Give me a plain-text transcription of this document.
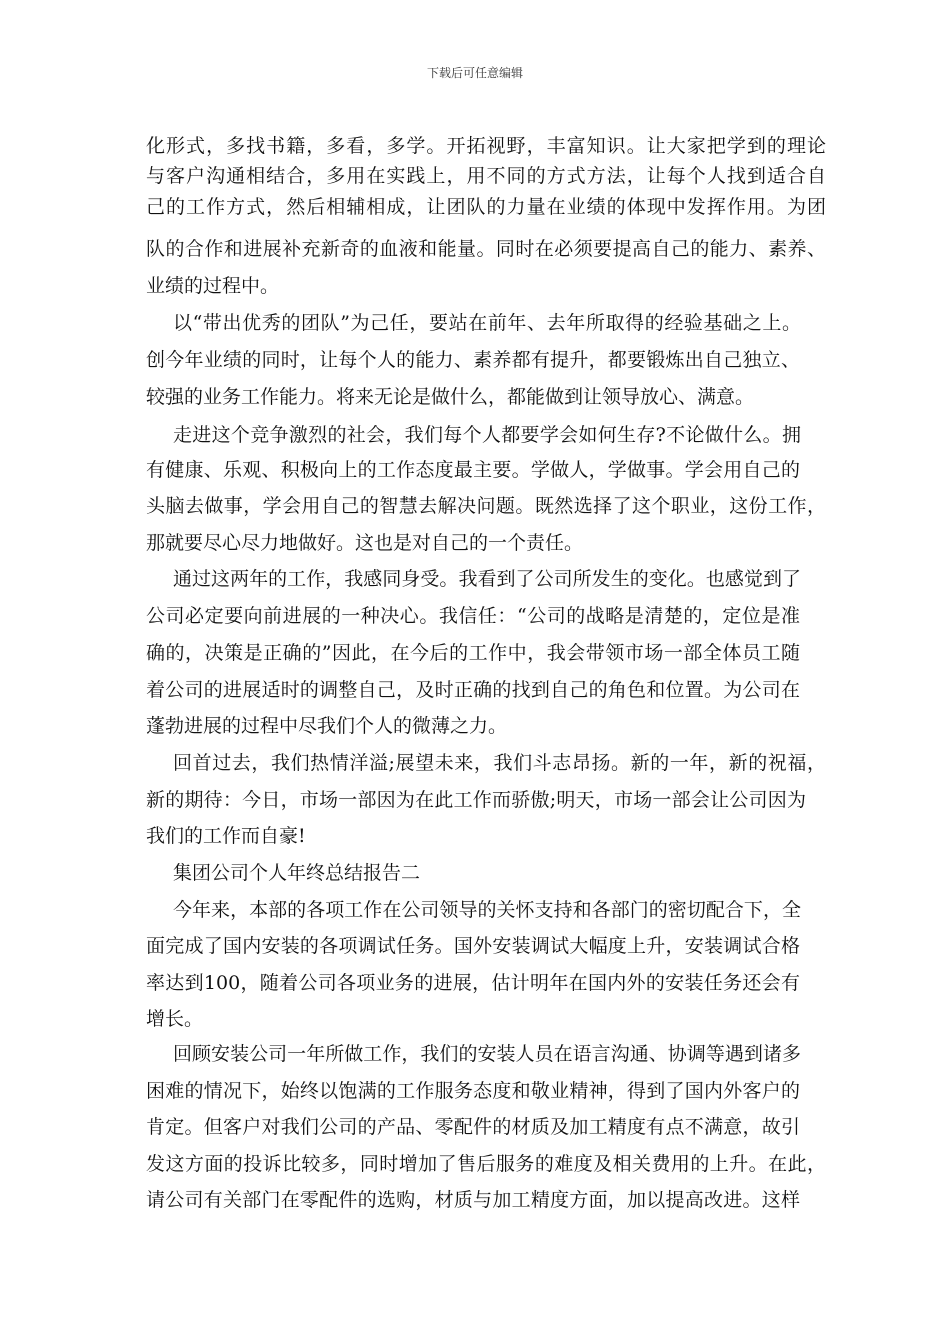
下载后可任意编辑
化形式，多找书籍，多看，多学。开拓视野，丰富知识。让大家把学到的理论
与客户沟通相结合，多用在实践上，用不同的方式方法，让每个人找到适合自
己的工作方式，然后相辅相成，让团队的力量在业绩的体现中发挥作用。为团
队的合作和进展补充新奇的血液和能量。同时在必须要提高自己的能力、素养、
业绩的过程中。
以“带出优秀的团队”为己任，要站在前年、去年所取得的经验基础之上。
创今年业绩的同时，让每个人的能力、素养都有提升，都要锻炼出自己独立、
较强的业务工作能力。将来无论是做什么，都能做到让领导放心、满意。
走进这个竞争激烈的社会，我们每个人都要学会如何生存?不论做什么。拥
有健康、乐观、积极向上的工作态度最主要。学做人，学做事。学会用自己的
头脑去做事，学会用自己的智慧去解决问题。既然选择了这个职业，这份工作，
那就要尽心尽力地做好。这也是对自己的一个责任。
通过这两年的工作，我感同身受。我看到了公司所发生的变化。也感觉到了
公司必定要向前进展的一种决心。我信任：“公司的战略是清楚的，定位是准
确的，决策是正确的”因此，在今后的工作中，我会带领市场一部全体员工随
着公司的进展适时的调整自己，及时正确的找到自己的角色和位置。为公司在
蓬勃进展的过程中尽我们个人的微薄之力。
回首过去，我们热情洋溢;展望未来，我们斗志昂扬。新的一年，新的祝福，
新的期待：今日，市场一部因为在此工作而骄傲;明天，市场一部会让公司因为
我们的工作而自豪!
集团公司个人年终总结报告二
今年来，本部的各项工作在公司领导的关怀支持和各部门的密切配合下，全
面完成了国内安装的各项调试任务。国外安装调试大幅度上升，安装调试合格
率达到100，随着公司各项业务的进展，估计明年在国内外的安装任务还会有
增长。
回顾安装公司一年所做工作，我们的安装人员在语言沟通、协调等遇到诸多
困难的情况下，始终以饱满的工作服务态度和敬业精神，得到了国内外客户的
肯定。但客户对我们公司的产品、零配件的材质及加工精度有点不满意，故引
发这方面的投诉比较多，同时增加了售后服务的难度及相关费用的上升。在此，
请公司有关部门在零配件的选购，材质与加工精度方面，加以提高改进。这样
